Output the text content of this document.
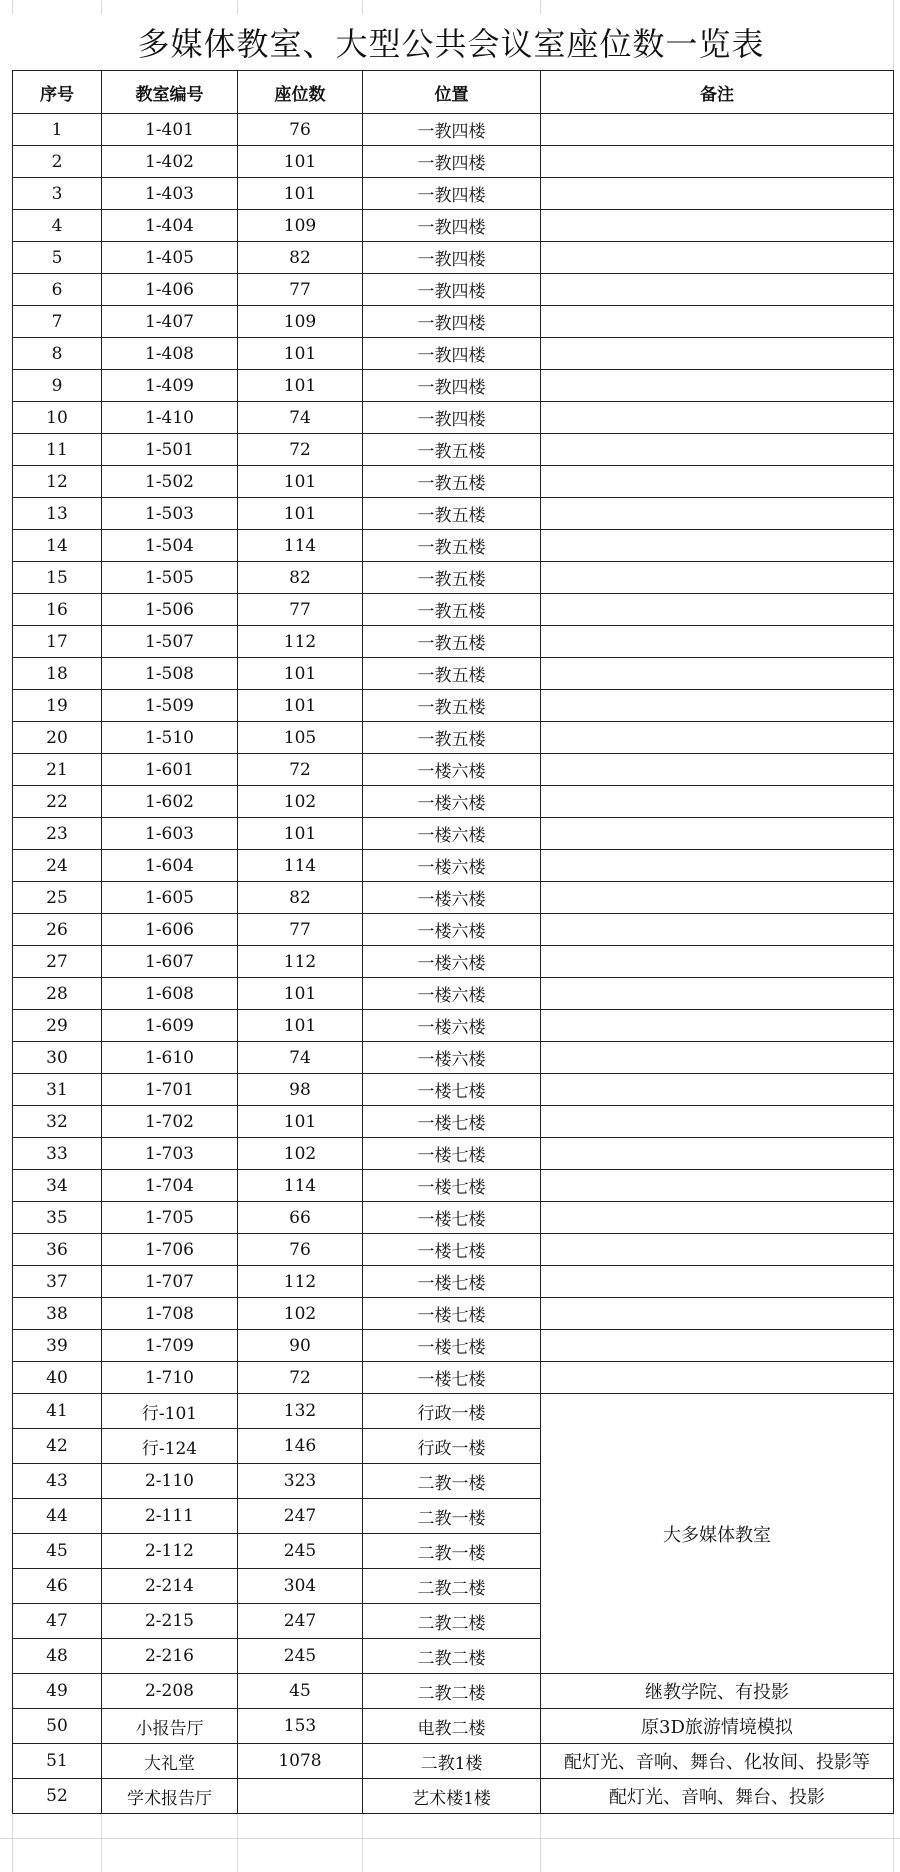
多媒体教室、大型公共会议室座位数一览表
序号	教室编号	座位数	位置	备注
1	1-401	76	一教四楼	
2	1-402	101	一教四楼	
3	1-403	101	一教四楼	
4	1-404	109	一教四楼	
5	1-405	82	一教四楼	
6	1-406	77	一教四楼	
7	1-407	109	一教四楼	
8	1-408	101	一教四楼	
9	1-409	101	一教四楼	
10	1-410	74	一教四楼	
11	1-501	72	一教五楼	
12	1-502	101	一教五楼	
13	1-503	101	一教五楼	
14	1-504	114	一教五楼	
15	1-505	82	一教五楼	
16	1-506	77	一教五楼	
17	1-507	112	一教五楼	
18	1-508	101	一教五楼	
19	1-509	101	一教五楼	
20	1-510	105	一教五楼	
21	1-601	72	一楼六楼	
22	1-602	102	一楼六楼	
23	1-603	101	一楼六楼	
24	1-604	114	一楼六楼	
25	1-605	82	一楼六楼	
26	1-606	77	一楼六楼	
27	1-607	112	一楼六楼	
28	1-608	101	一楼六楼	
29	1-609	101	一楼六楼	
30	1-610	74	一楼六楼	
31	1-701	98	一楼七楼	
32	1-702	101	一楼七楼	
33	1-703	102	一楼七楼	
34	1-704	114	一楼七楼	
35	1-705	66	一楼七楼	
36	1-706	76	一楼七楼	
37	1-707	112	一楼七楼	
38	1-708	102	一楼七楼	
39	1-709	90	一楼七楼	
40	1-710	72	一楼七楼	
41	行-101	132	行政一楼	大多媒体教室
42	行-124	146	行政一楼	
43	2-110	323	二教一楼	
44	2-111	247	二教一楼	
45	2-112	245	二教一楼	
46	2-214	304	二教二楼	
47	2-215	247	二教二楼	
48	2-216	245	二教二楼	
49	2-208	45	二教二楼	继教学院、有投影
50	小报告厅	153	电教二楼	原3D旅游情境模拟
51	大礼堂	1078	二教1楼	配灯光、音响、舞台、化妆间、投影等
52	学术报告厅		艺术楼1楼	配灯光、音响、舞台、投影
